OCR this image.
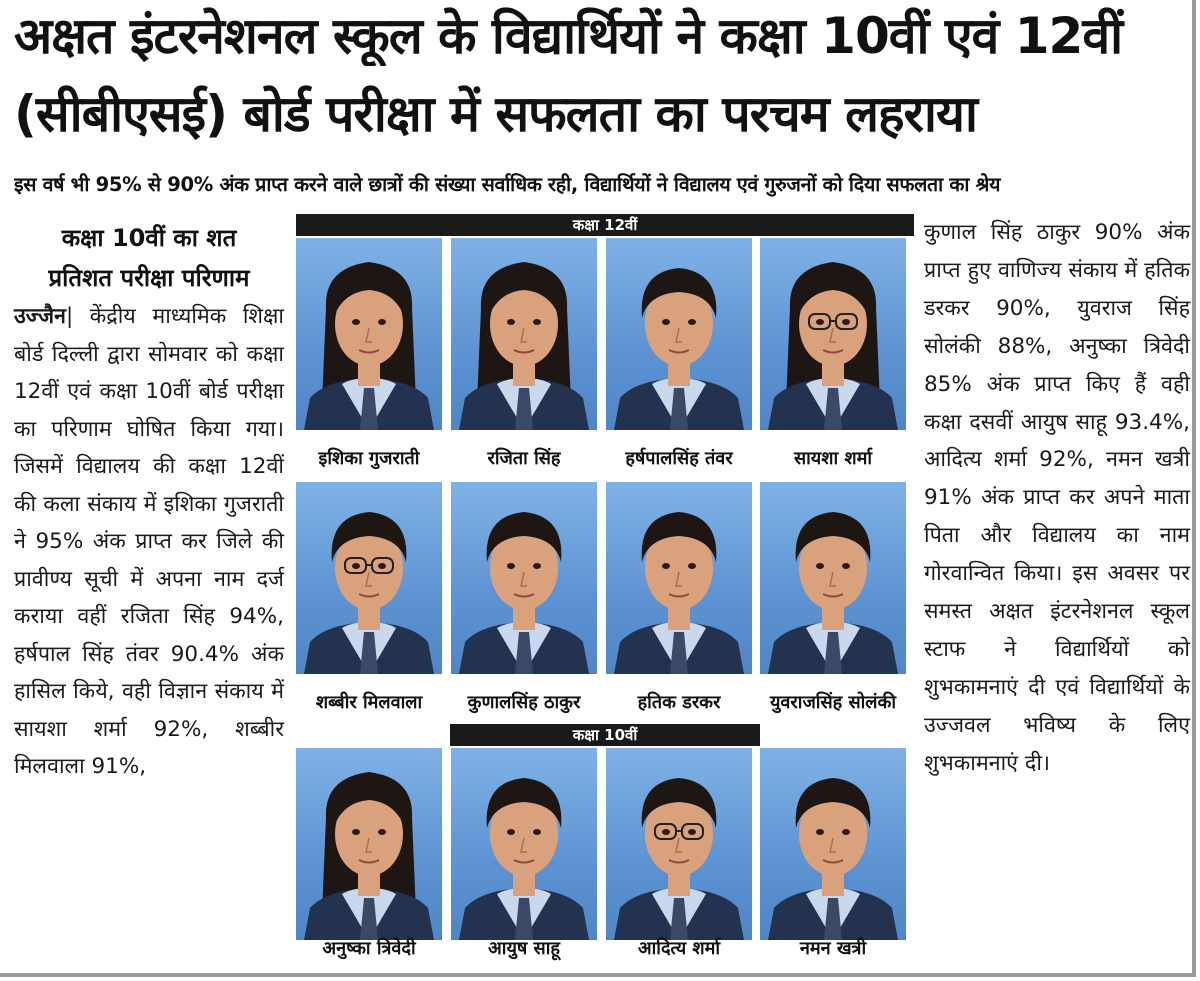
अक्षत इंटरनेशनल स्कूल के विद्यार्थियों ने कक्षा 10वीं एवं 12वीं
(सीबीएसई) बोर्ड परीक्षा में सफलता का परचम लहराया
इस वर्ष भी 95% से 90% अंक प्राप्त करने वाले छात्रों की संख्या सर्वाधिक रही, विद्यार्थियों ने विद्यालय एवं गुरुजनों को दिया सफलता का श्रेय
कक्षा 10वीं का शत
प्रतिशत परीक्षा परिणाम
उज्जैन| केंद्रीय माध्यमिक शिक्षा बोर्ड दिल्ली द्वारा सोमवार को कक्षा 12वीं एवं कक्षा 10वीं बोर्ड परीक्षा का परिणाम घोषित किया गया। जिसमें विद्यालय की कक्षा 12वीं की कला संकाय में इशिका गुजराती ने 95% अंक प्राप्त कर जिले की प्रावीण्य सूची में अपना नाम दर्ज कराया वहीं रजिता सिंह 94%, हर्षपाल सिंह तंवर 90.4% अंक हासिल किये, वही विज्ञान संकाय में सायशा शर्मा 92%, शब्बीर मिलवाला 91%,
कक्षा 12वीं
कक्षा 10वीं
इशिका गुजराती	रजिता सिंह	हर्षपालसिंह तंवर	सायशा शर्मा
शब्बीर मिलवाला	कुणालसिंह ठाकुर	हतिक डरकर	युवराजसिंह सोलंकी
अनुष्का त्रिवेदी	आयुष साहू	आदित्य शर्मा	नमन खत्री
कुणाल सिंह ठाकुर 90% अंक प्राप्त हुए वाणिज्य संकाय में हतिक डरकर 90%, युवराज सिंह सोलंकी 88%, अनुष्का त्रिवेदी 85% अंक प्राप्त किए हैं वही कक्षा दसवीं आयुष साहू 93.4%, आदित्य शर्मा 92%, नमन खत्री 91% अंक प्राप्त कर अपने माता पिता और विद्यालय का नाम गोरवान्वित किया। इस अवसर पर समस्त अक्षत इंटरनेशनल स्कूल स्टाफ ने विद्यार्थियों को शुभकामनाएं दी एवं विद्यार्थियों के उज्जवल भविष्य के लिए शुभकामनाएं दी।
